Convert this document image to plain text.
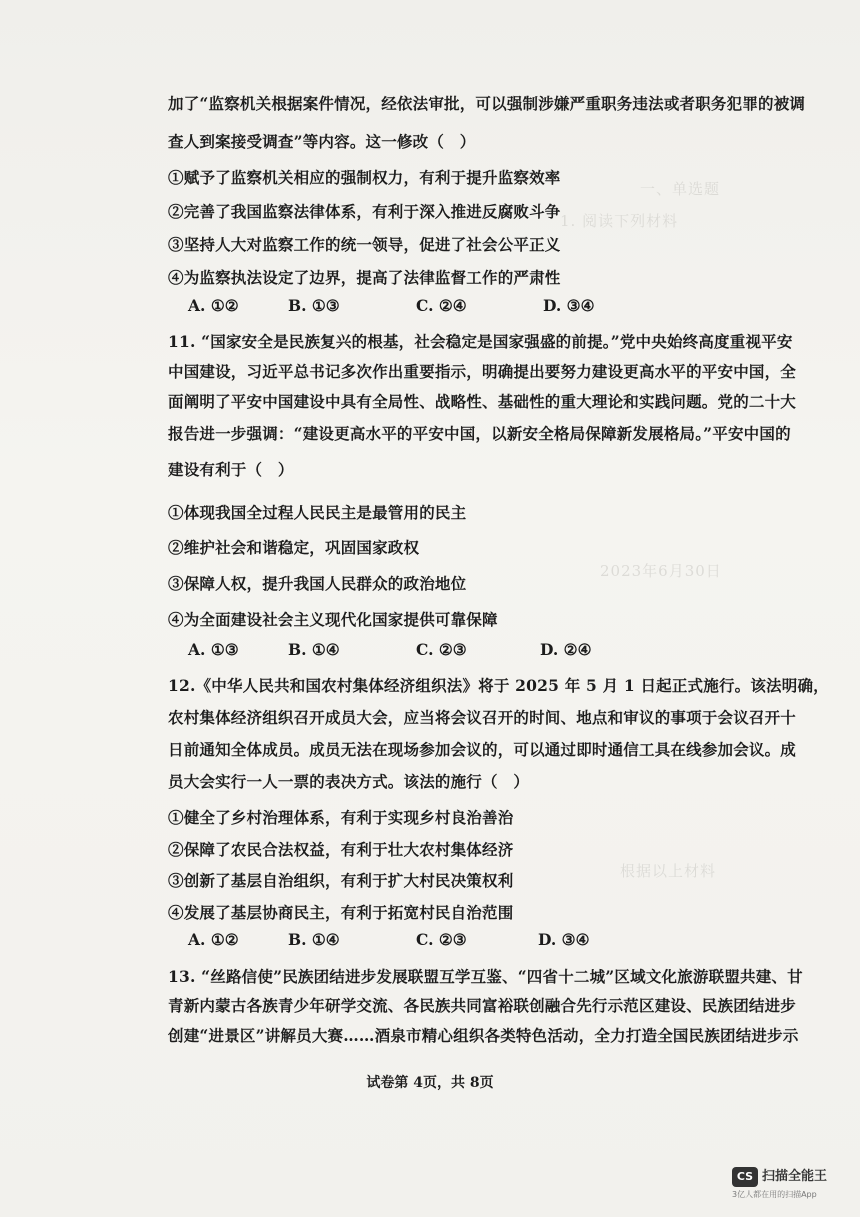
一、单选题
1. 阅读下列材料
2023年6月30日
根据以上材料
加了“监察机关根据案件情况，经依法审批，可以强制涉嫌严重职务违法或者职务犯罪的被调
查人到案接受调查”等内容。这一修改（　）
①赋予了监察机关相应的强制权力，有利于提升监察效率
②完善了我国监察法律体系，有利于深入推进反腐败斗争
③坚持人大对监察工作的统一领导，促进了社会公平正义
④为监察执法设定了边界，提高了法律监督工作的严肃性
A. ①②	B. ①③	C. ②④	D. ③④
11. “国家安全是民族复兴的根基，社会稳定是国家强盛的前提。”党中央始终高度重视平安
中国建设，习近平总书记多次作出重要指示，明确提出要努力建设更高水平的平安中国，全
面阐明了平安中国建设中具有全局性、战略性、基础性的重大理论和实践问题。党的二十大
报告进一步强调：“建设更高水平的平安中国，以新安全格局保障新发展格局。”平安中国的
建设有利于（　）
①体现我国全过程人民民主是最管用的民主
②维护社会和谐稳定，巩固国家政权
③保障人权，提升我国人民群众的政治地位
④为全面建设社会主义现代化国家提供可靠保障
A. ①③	B. ①④	C. ②③	D. ②④
12.《中华人民共和国农村集体经济组织法》将于 2025 年 5 月 1 日起正式施行。该法明确，
农村集体经济组织召开成员大会，应当将会议召开的时间、地点和审议的事项于会议召开十
日前通知全体成员。成员无法在现场参加会议的，可以通过即时通信工具在线参加会议。成
员大会实行一人一票的表决方式。该法的施行（　）
①健全了乡村治理体系，有利于实现乡村良治善治
②保障了农民合法权益，有利于壮大农村集体经济
③创新了基层自治组织，有利于扩大村民决策权利
④发展了基层协商民主，有利于拓宽村民自治范围
A. ①②	B. ①④	C. ②③	D. ③④
13. “丝路信使”民族团结进步发展联盟互学互鉴、“四省十二城”区域文化旅游联盟共建、甘
青新内蒙古各族青少年研学交流、各民族共同富裕联创融合先行示范区建设、民族团结进步
创建“进景区”讲解员大赛……酒泉市精心组织各类特色活动，全力打造全国民族团结进步示
试卷第 4页，共 8页
CS 扫描全能王
3亿人都在用的扫描App
